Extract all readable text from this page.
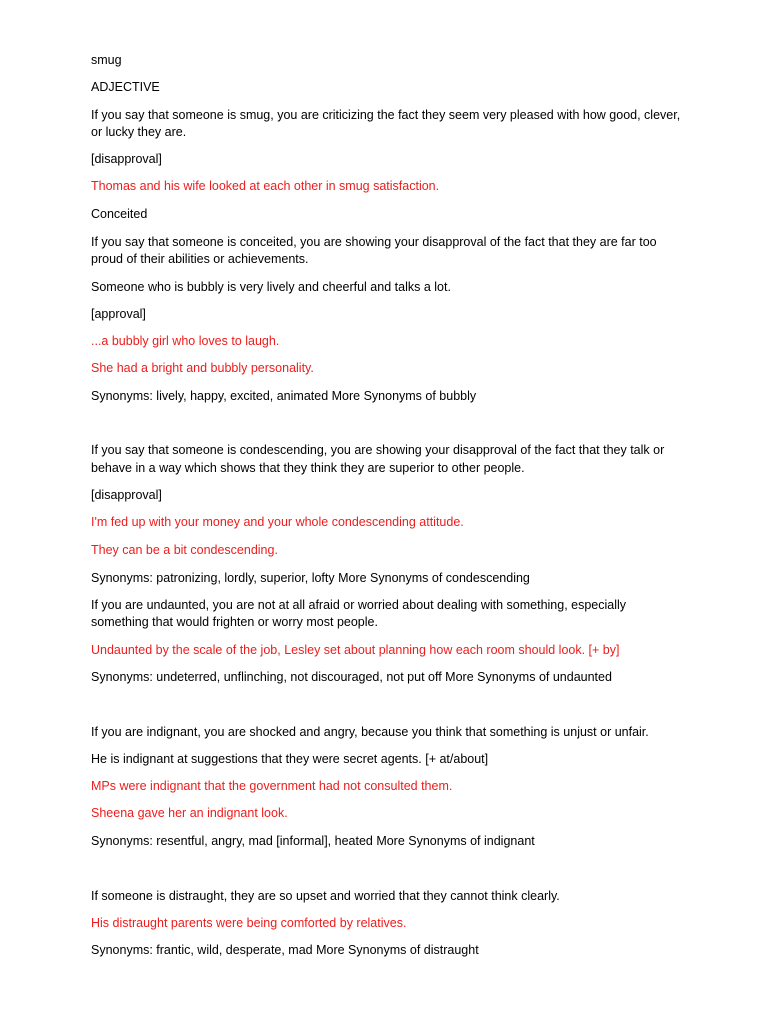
smug
ADJECTIVE
If you say that someone is smug, you are criticizing the fact they seem very pleased with how good, clever,
or lucky they are.
[disapproval]
Thomas and his wife looked at each other in smug satisfaction.
Conceited
If you say that someone is conceited, you are showing your disapproval of the fact that they are far too
proud of their abilities or achievements.
Someone who is bubbly is very lively and cheerful and talks a lot.
[approval]
...a bubbly girl who loves to laugh.
She had a bright and bubbly personality.
Synonyms: lively, happy, excited, animated More Synonyms of bubbly
If you say that someone is condescending, you are showing your disapproval of the fact that they talk or
behave in a way which shows that they think they are superior to other people.
[disapproval]
I'm fed up with your money and your whole condescending attitude.
They can be a bit condescending.
Synonyms: patronizing, lordly, superior, lofty More Synonyms of condescending
If you are undaunted, you are not at all afraid or worried about dealing with something, especially
something that would frighten or worry most people.
Undaunted by the scale of the job, Lesley set about planning how each room should look. [+ by]
Synonyms: undeterred, unflinching, not discouraged, not put off More Synonyms of undaunted
If you are indignant, you are shocked and angry, because you think that something is unjust or unfair.
He is indignant at suggestions that they were secret agents. [+ at/about]
MPs were indignant that the government had not consulted them.
Sheena gave her an indignant look.
Synonyms: resentful, angry, mad [informal], heated More Synonyms of indignant
If someone is distraught, they are so upset and worried that they cannot think clearly.
His distraught parents were being comforted by relatives.
Synonyms: frantic, wild, desperate, mad More Synonyms of distraught
